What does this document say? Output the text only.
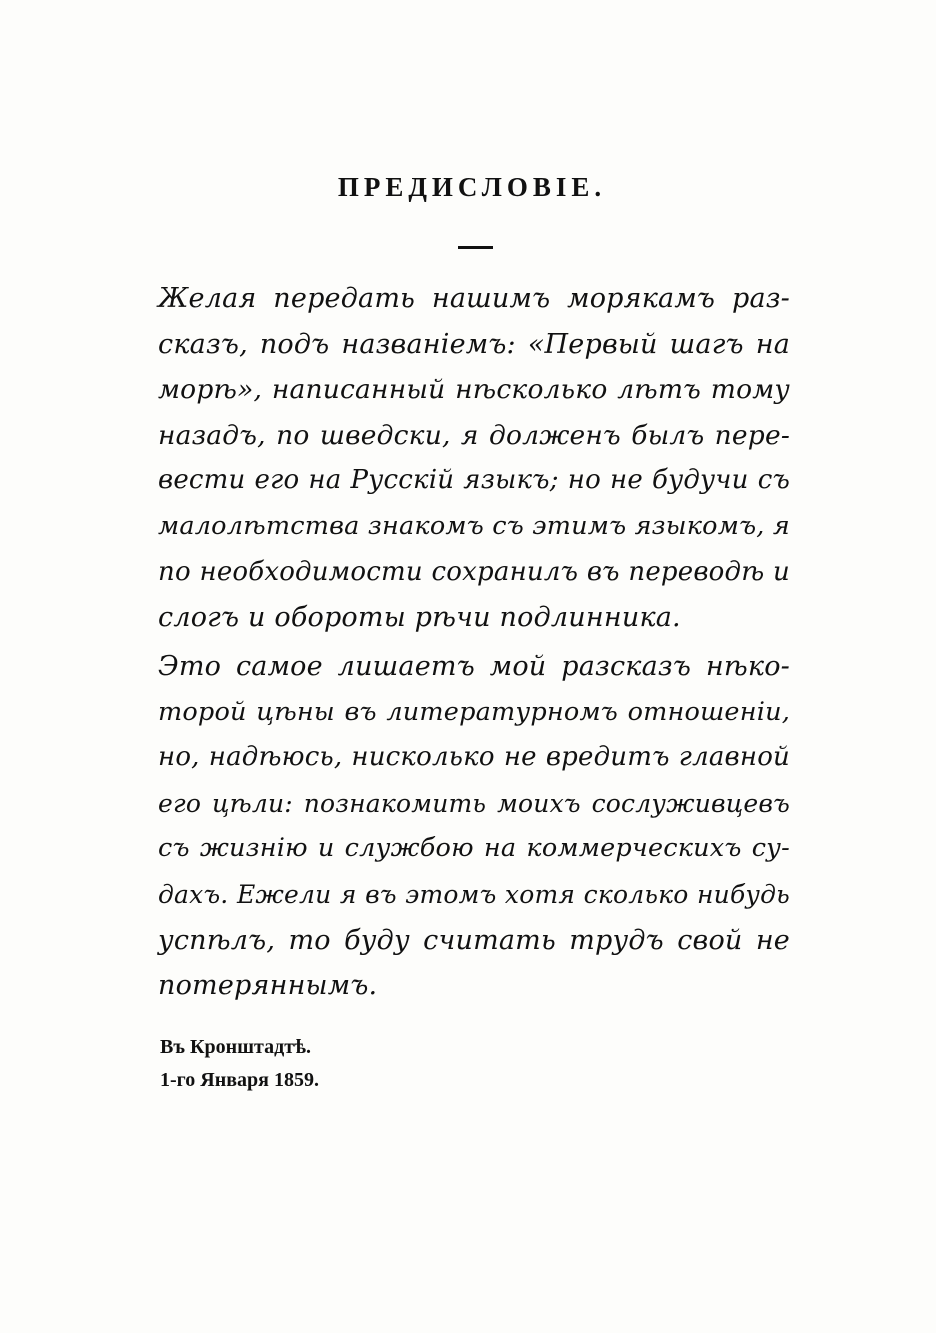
ПРЕДИСЛОВІЕ.
Желая передать нашимъ морякамъ раз-
сказъ, подъ названіемъ: «Первый шагъ на
морѣ», написанный нѣсколько лѣтъ тому
назадъ, по шведски, я долженъ былъ пере-
вести его на Русскій языкъ; но не будучи съ
малолѣтства знакомъ съ этимъ языкомъ, я
по необходимости сохранилъ въ переводѣ и
слогъ и обороты рѣчи подлинника.
Это самое лишаетъ мой разсказъ нѣко-
торой цѣны въ литературномъ отношеніи,
но, надѣюсь, нисколько не вредитъ главной
его цѣли: познакомить моихъ сослуживцевъ
съ жизнію и службою на коммерческихъ су-
дахъ. Ежели я въ этомъ хотя сколько нибудь
успѣлъ, то буду считать трудъ свой не
потеряннымъ.
Въ Кронштадтѣ.
1-го Января 1859.
